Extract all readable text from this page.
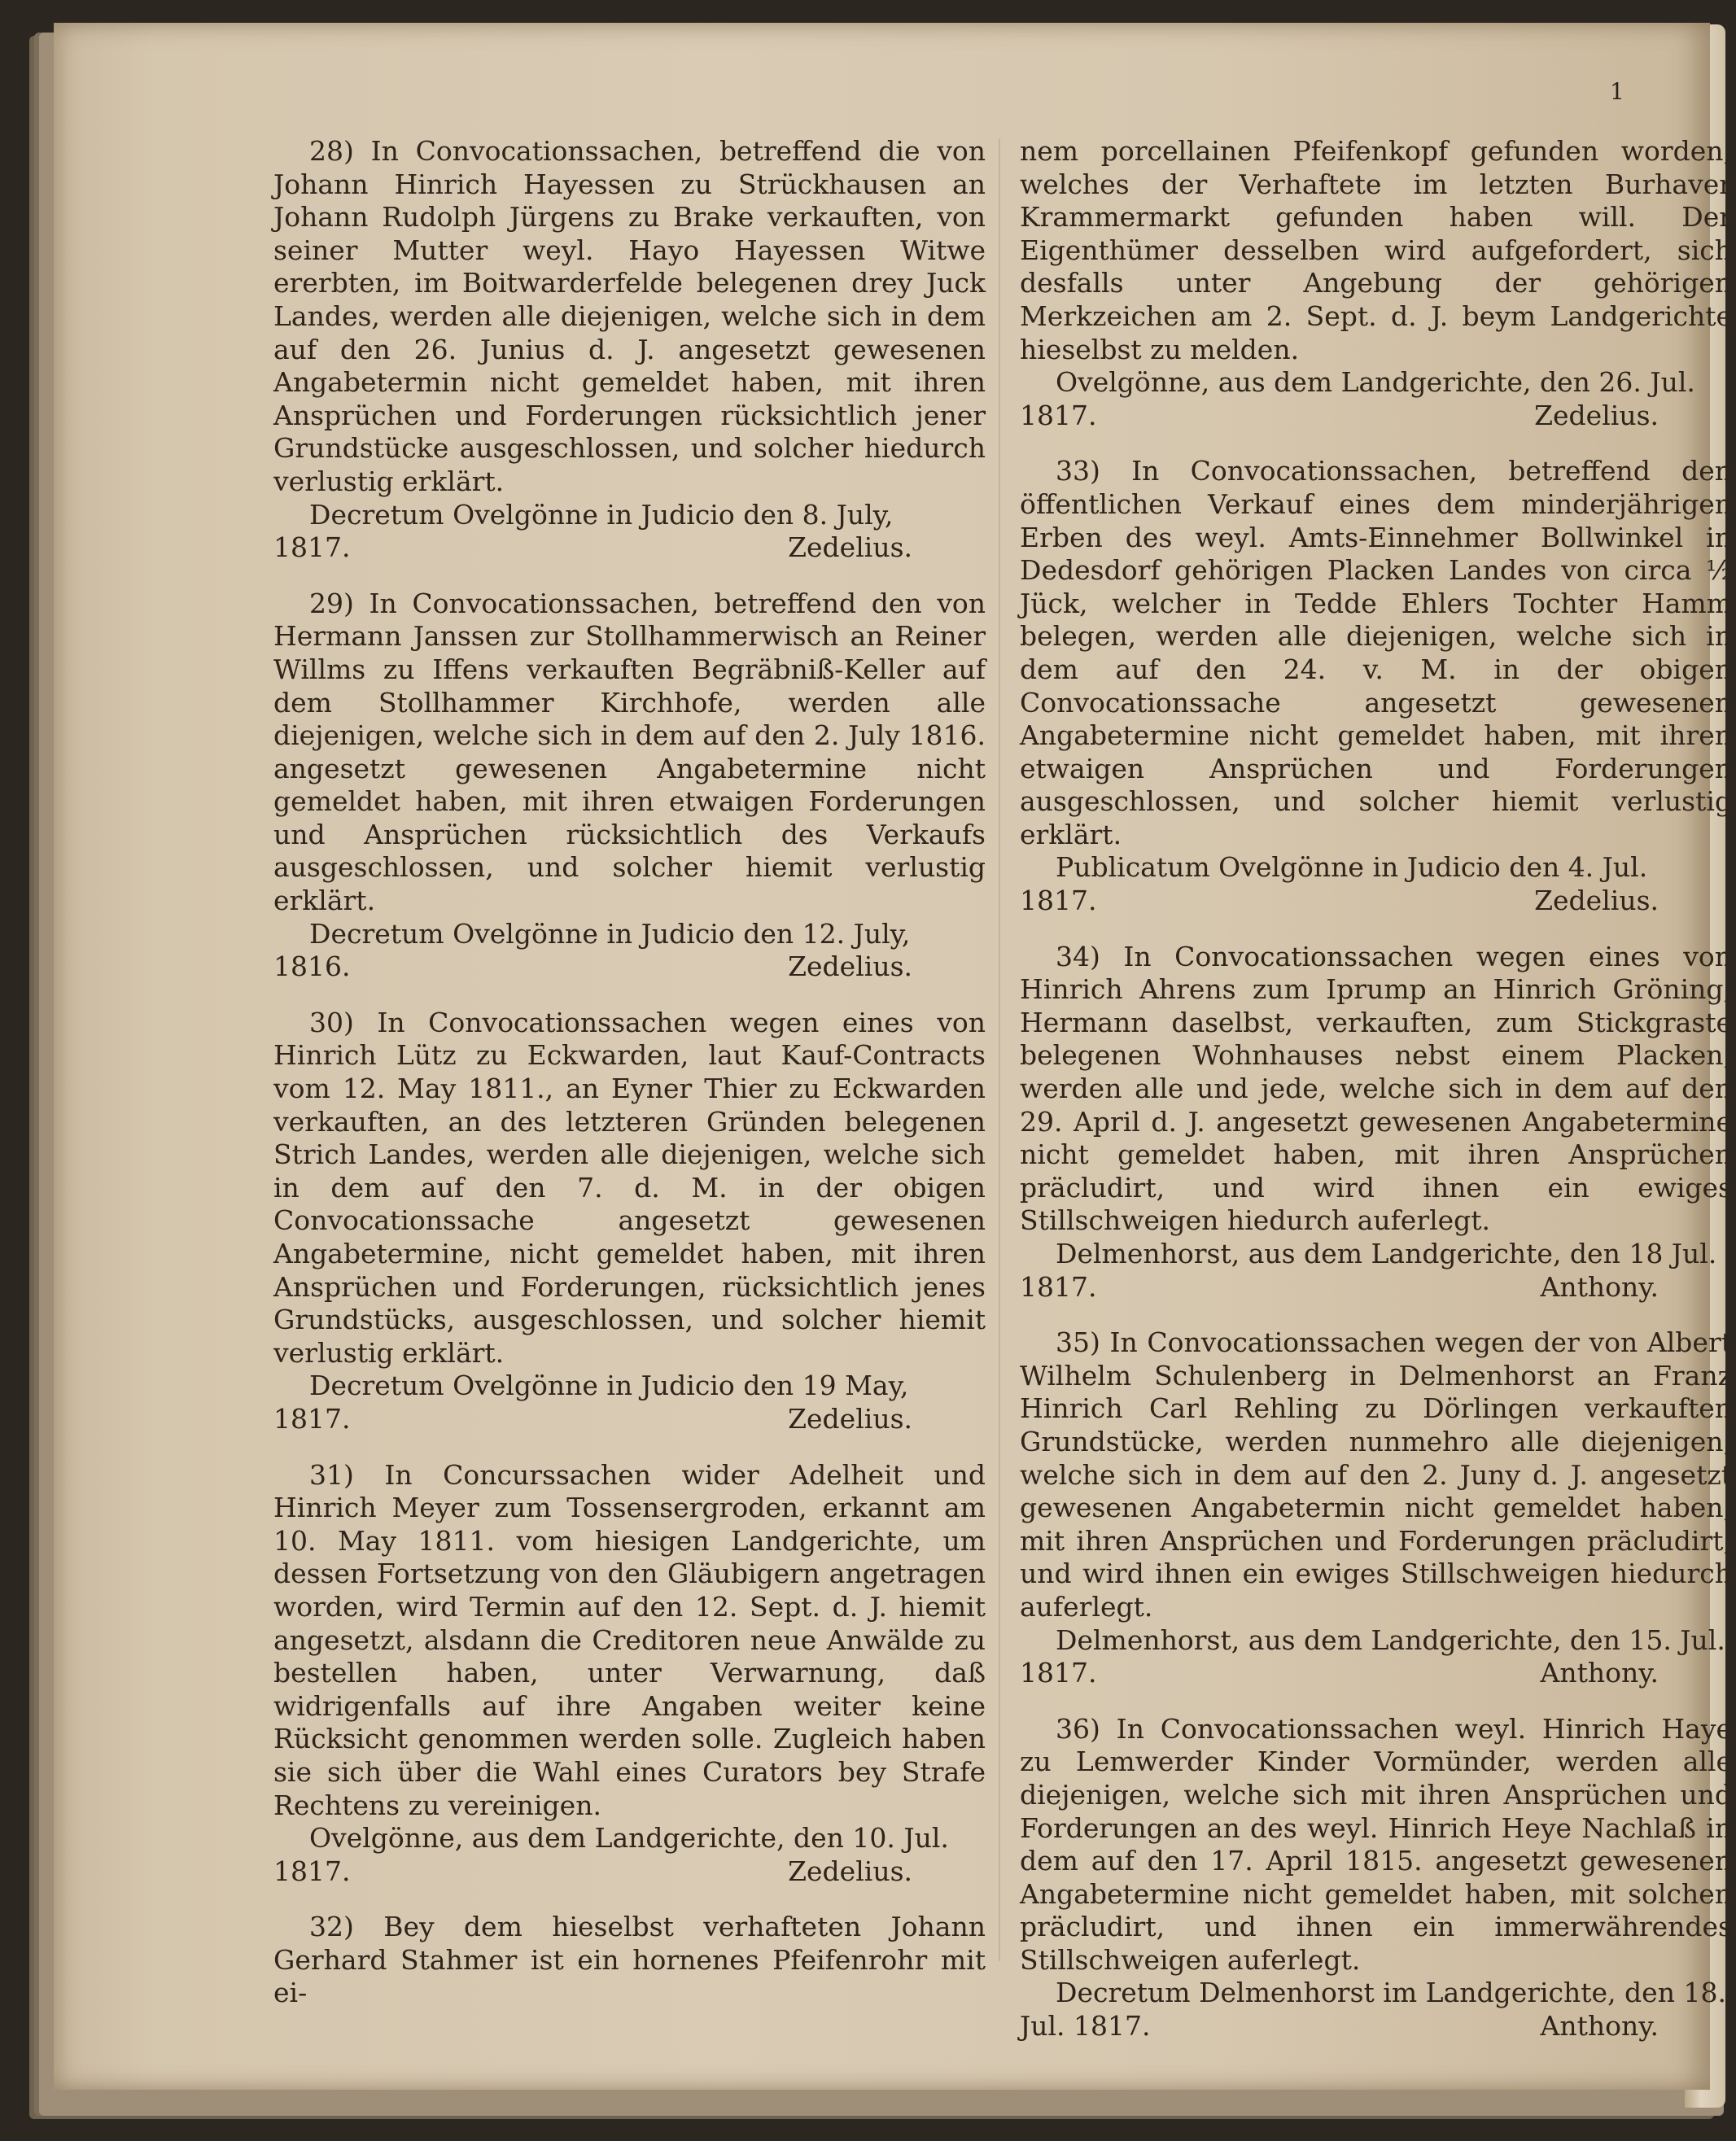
1

28) In Convocationssachen, betreffend die von Johann Hinrich Hayessen zu Strückhausen an Johann Rudolph Jürgens zu Brake verkauften, von seiner Mutter weyl. Hayo Hayessen Witwe ererbten, im Boitwarderfelde belegenen drey Juck Landes, werden alle diejenigen, welche sich in dem auf den 26. Junius d. J. angesetzt gewesenen Angabetermin nicht gemeldet haben, mit ihren Ansprüchen und Forderungen rücksichtlich jener Grundstücke ausgeschlossen, und solcher hiedurch verlustig erklärt.

Decretum Ovelgönne in Judicio den 8. July,

1817.	Zedelius.

29) In Convocationssachen, betreffend den von Hermann Janssen zur Stollhammerwisch an Reiner Willms zu Iffens verkauften Begräbniß-Keller auf dem Stollhammer Kirchhofe, werden alle diejenigen, welche sich in dem auf den 2. July 1816. angesetzt gewesenen Angabetermine nicht gemeldet haben, mit ihren etwaigen Forderungen und Ansprüchen rücksichtlich des Verkaufs ausgeschlossen, und solcher hiemit verlustig erklärt.

Decretum Ovelgönne in Judicio den 12. July,

1816.	Zedelius.

30) In Convocationssachen wegen eines von Hinrich Lütz zu Eckwarden, laut Kauf-Contracts vom 12. May 1811., an Eyner Thier zu Eckwarden verkauften, an des letzteren Gründen belegenen Strich Landes, werden alle diejenigen, welche sich in dem auf den 7. d. M. in der obigen Convocationssache angesetzt gewesenen Angabetermine, nicht gemeldet haben, mit ihren Ansprüchen und Forderungen, rücksichtlich jenes Grundstücks, ausgeschlossen, und solcher hiemit verlustig erklärt.

Decretum Ovelgönne in Judicio den 19 May,

1817.	Zedelius.

31) In Concurssachen wider Adelheit und Hinrich Meyer zum Tossensergroden, erkannt am 10. May 1811. vom hiesigen Landgerichte, um dessen Fortsetzung von den Gläubigern angetragen worden, wird Termin auf den 12. Sept. d. J. hiemit angesetzt, alsdann die Creditoren neue Anwälde zu bestellen haben, unter Verwarnung, daß widrigenfalls auf ihre Angaben weiter keine Rücksicht genommen werden solle. Zugleich haben sie sich über die Wahl eines Curators bey Strafe Rechtens zu vereinigen.

Ovelgönne, aus dem Landgerichte, den 10. Jul.

1817.	Zedelius.

32) Bey dem hieselbst verhafteten Johann Gerhard Stahmer ist ein hornenes Pfeifenrohr mit ei-

nem porcellainen Pfeifenkopf gefunden worden, welches der Verhaftete im letzten Burhaver Krammermarkt gefunden haben will. Der Eigenthümer desselben wird aufgefordert, sich desfalls unter Angebung der gehörigen Merkzeichen am 2. Sept. d. J. beym Landgerichte hieselbst zu melden.

Ovelgönne, aus dem Landgerichte, den 26. Jul.

1817.	Zedelius.

33) In Convocationssachen, betreffend den öffentlichen Verkauf eines dem minderjährigen Erben des weyl. Amts-Einnehmer Bollwinkel in Dedesdorf gehörigen Placken Landes von circa ½ Jück, welcher in Tedde Ehlers Tochter Hamm belegen, werden alle diejenigen, welche sich in dem auf den 24. v. M. in der obigen Convocationssache angesetzt gewesenen Angabetermine nicht gemeldet haben, mit ihren etwaigen Ansprüchen und Forderungen ausgeschlossen, und solcher hiemit verlustig erklärt.

Publicatum Ovelgönne in Judicio den 4. Jul.

1817.	Zedelius.

34) In Convocationssachen wegen eines von Hinrich Ahrens zum Iprump an Hinrich Gröning, Hermann daselbst, verkauften, zum Stickgraste belegenen Wohnhauses nebst einem Placken, werden alle und jede, welche sich in dem auf den 29. April d. J. angesetzt gewesenen Angabetermine nicht gemeldet haben, mit ihren Ansprüchen präcludirt, und wird ihnen ein ewiges Stillschweigen hiedurch auferlegt.

Delmenhorst, aus dem Landgerichte, den 18 Jul.

1817.	Anthony.

35) In Convocationssachen wegen der von Albert Wilhelm Schulenberg in Delmenhorst an Franz Hinrich Carl Rehling zu Dörlingen verkauften Grundstücke, werden nunmehro alle diejenigen, welche sich in dem auf den 2. Juny d. J. angesetzt gewesenen Angabetermin nicht gemeldet haben, mit ihren Ansprüchen und Forderungen präcludirt, und wird ihnen ein ewiges Stillschweigen hiedurch auferlegt.

Delmenhorst, aus dem Landgerichte, den 15. Jul.

1817.	Anthony.

36) In Convocationssachen weyl. Hinrich Haye zu Lemwerder Kinder Vormünder, werden alle diejenigen, welche sich mit ihren Ansprüchen und Forderungen an des weyl. Hinrich Heye Nachlaß in dem auf den 17. April 1815. angesetzt gewesenen Angabetermine nicht gemeldet haben, mit solchen präcludirt, und ihnen ein immerwährendes Stillschweigen auferlegt.

Decretum Delmenhorst im Landgerichte, den 18.

Jul. 1817.	Anthony.
